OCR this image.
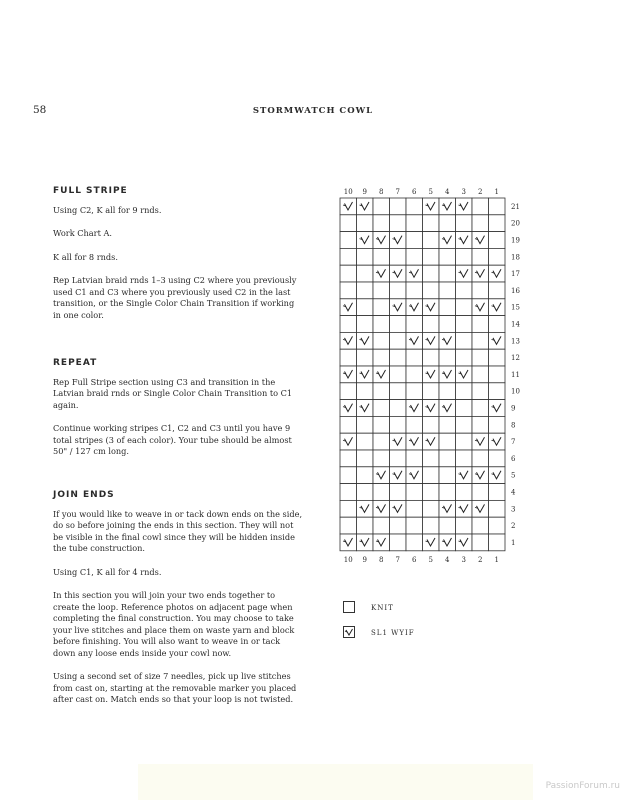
58	STORMWATCH COWL
FULL STRIPE

Using C2, K all for 9 rnds.

Work Chart A.

K all for 8 rnds.

Rep Latvian braid rnds 1–3 using C2 where you previously used C1 and C3 where you previously used C2 in the last transition, or the Single Color Chain Transition if working in one color.

REPEAT

Rep Full Stripe section using C3 and transition in the Latvian braid rnds or Single Color Chain Transition to C1 again.

Continue working stripes C1, C2 and C3 until you have 9 total stripes (3 of each color). Your tube should be almost 50" / 127 cm long.

JOIN ENDS

If you would like to weave in or tack down ends on the side, do so before joining the ends in this section. They will not be visible in the final cowl since they will be hidden inside the tube construction.

Using C1, K all for 4 rnds.

In this section you will join your two ends together to create the loop. Reference photos on adjacent page when completing the final construction. You may choose to take your live stitches and place them on waste yarn and block before finishing. You will also want to weave in or tack down any loose ends inside your cowl now.

Using a second set of size 7 needles, pick up live stitches from cast on, starting at the removable marker you placed after cast on. Match ends so that your loop is not twisted.

10
10
9
9
8
8
7
7
6
6
5
5
4
4
3
3
2
2
1
1
21
20
19
18
17
16
15
14
13
12
11
10
9
8
7
6
5
4
3
2
1
KNIT
SL1 WYIF
PassionForum.ru
